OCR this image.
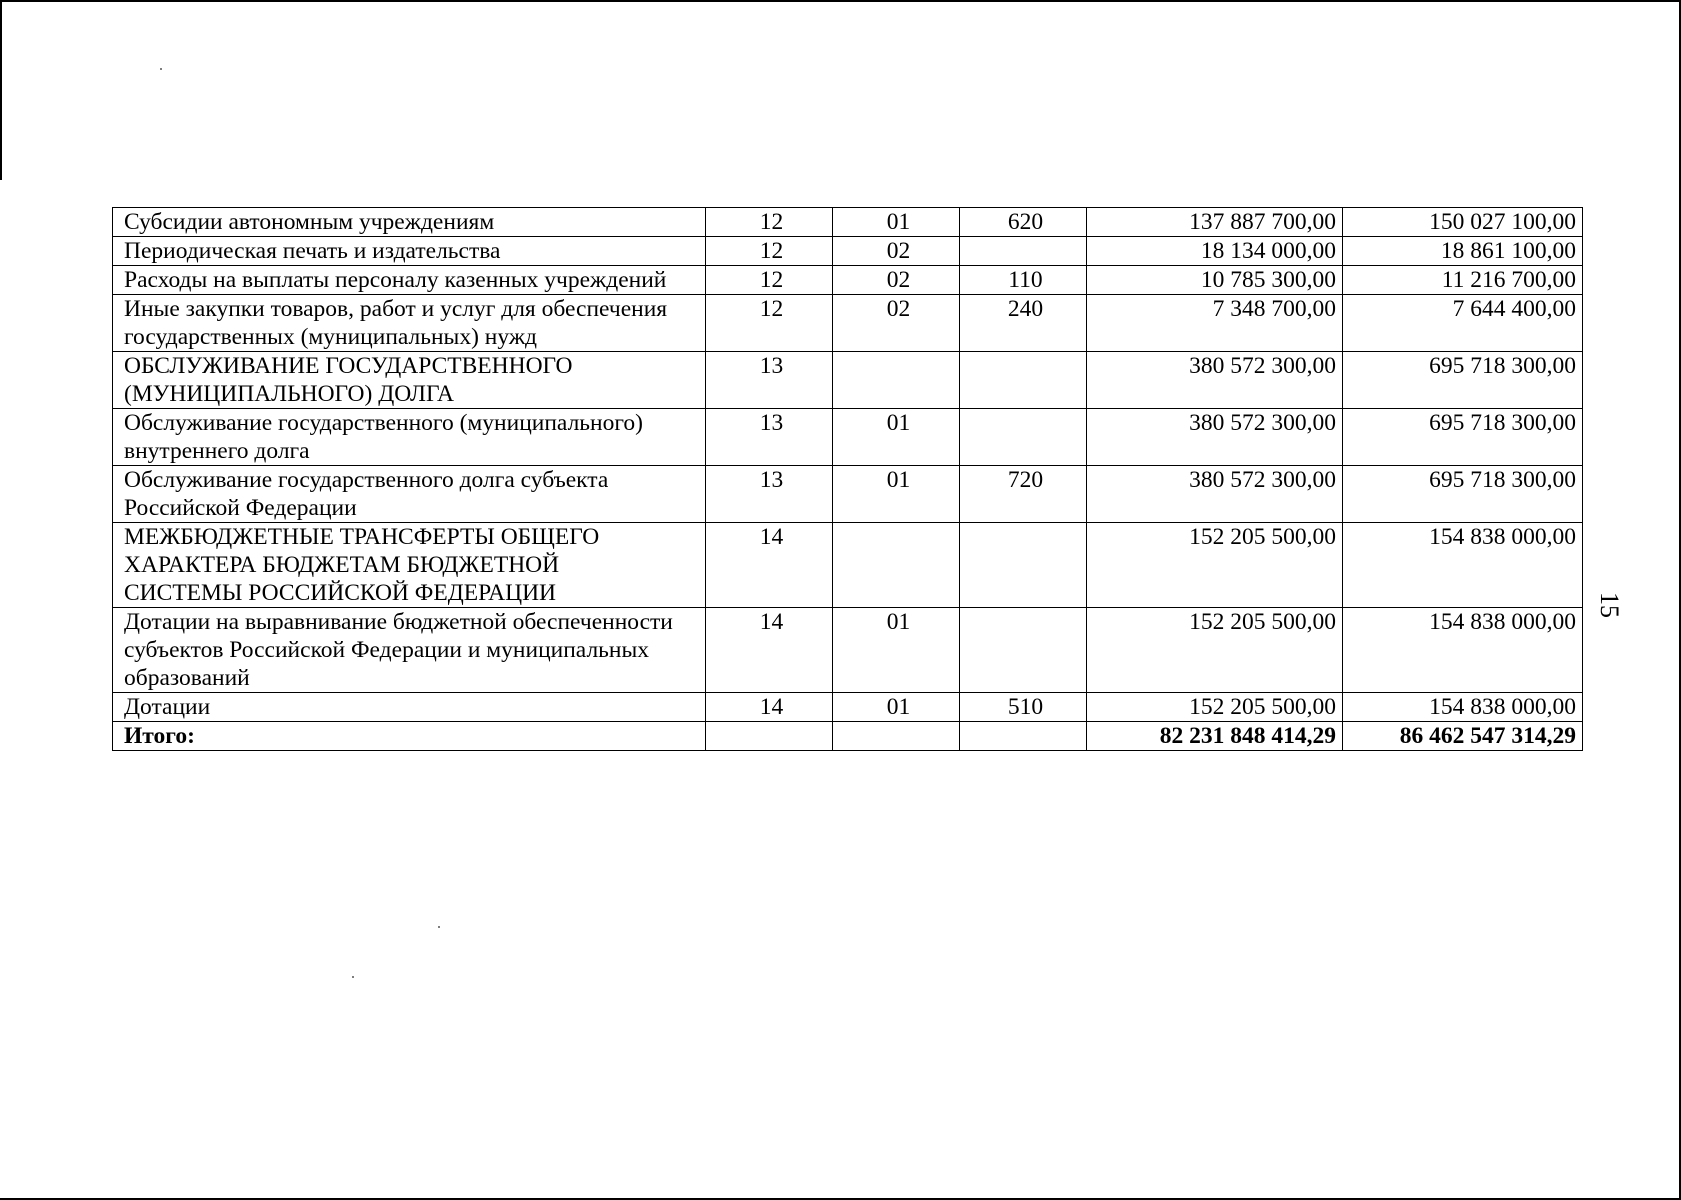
Субсидии автономным учреждениям	12	01	620	137 887 700,00	150 027 100,00
Периодическая печать и издательства	12	02		18 134 000,00	18 861 100,00
Расходы на выплаты персоналу казенных учреждений	12	02	110	10 785 300,00	11 216 700,00
Иные закупки товаров, работ и услуг для обеспечения государственных (муниципальных) нужд	12	02	240	7 348 700,00	7 644 400,00
ОБСЛУЖИВАНИЕ ГОСУДАРСТВЕННОГО (МУНИЦИПАЛЬНОГО) ДОЛГА	13			380 572 300,00	695 718 300,00
Обслуживание государственного (муниципального) внутреннего долга	13	01		380 572 300,00	695 718 300,00
Обслуживание государственного долга субъекта Российской Федерации	13	01	720	380 572 300,00	695 718 300,00
МЕЖБЮДЖЕТНЫЕ ТРАНСФЕРТЫ ОБЩЕГО ХАРАКТЕРА БЮДЖЕТАМ БЮДЖЕТНОЙ СИСТЕМЫ РОССИЙСКОЙ ФЕДЕРАЦИИ	14			152 205 500,00	154 838 000,00
Дотации на выравнивание бюджетной обеспеченности субъектов Российской Федерации и муниципальных образований	14	01		152 205 500,00	154 838 000,00
Дотации	14	01	510	152 205 500,00	154 838 000,00
Итого:				82 231 848 414,29	86 462 547 314,29
15
